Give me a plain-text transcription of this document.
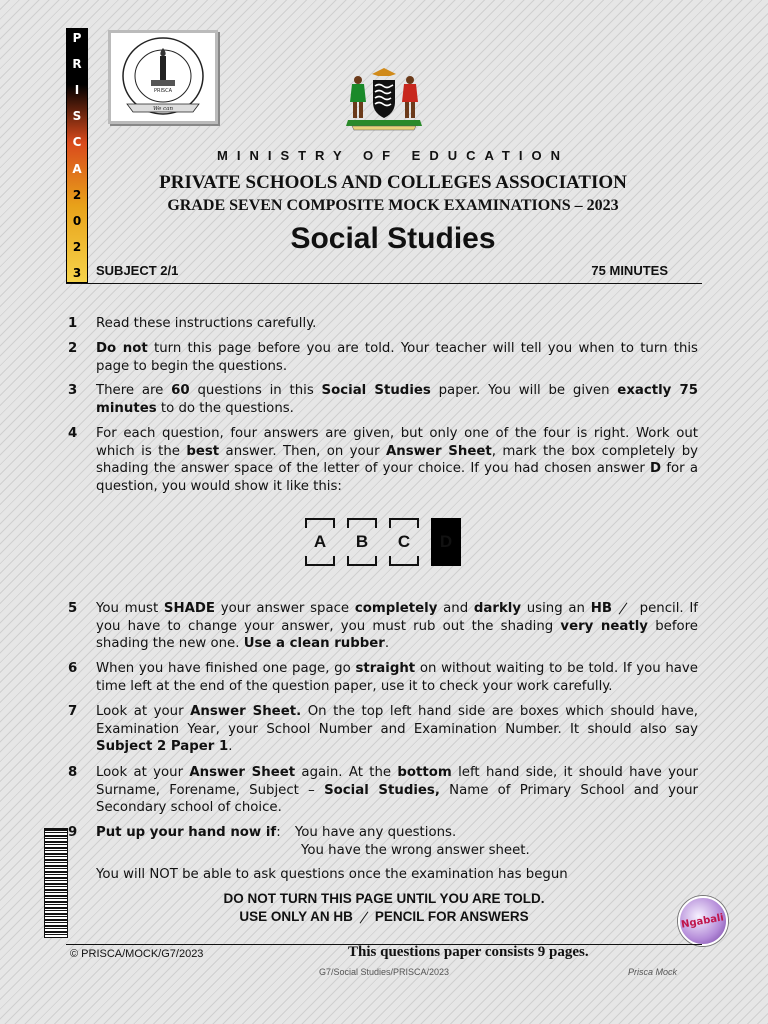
P
R
I
S
C
A
2
0
2
3
PRISCA
We can
MINISTRY OF EDUCATION
PRIVATE SCHOOLS AND COLLEGES ASSOCIATION
GRADE SEVEN COMPOSITE MOCK EXAMINATIONS – 2023
Social Studies
SUBJECT 2/1	75 MINUTES
1	Read these instructions carefully.
2	Do not turn this page before you are told. Your teacher will tell you when to turn this page to begin the questions.
3	There are 60 questions in this Social Studies paper. You will be given exactly 75 minutes to do the questions.
4	For each question, four answers are given, but only one of the four is right. Work out which is the best answer. Then, on your Answer Sheet, mark the box completely by shading the answer space of the letter of your choice. If you had chosen answer D for a question, you would show it like this:
A	B	C	D
5	You must SHADE your answer space completely and darkly using an HB pencil. If you have to change your answer, you must rub out the shading very neatly before shading the new one. Use a clean rubber.
6	When you have finished one page, go straight on without waiting to be told. If you have time left at the end of the question paper, use it to check your work carefully.
7	Look at your Answer Sheet. On the top left hand side are boxes which should have, Examination Year, your School Number and Examination Number. It should also say Subject 2 Paper 1.
8	Look at your Answer Sheet again. At the bottom left hand side, it should have your Surname, Forename, Subject – Social Studies, Name of Primary School and your Secondary school of choice.
9	Put up your hand now if: You have any questions.
You have the wrong answer sheet.
You will NOT be able to ask questions once the examination has begun
DO NOT TURN THIS PAGE UNTIL YOU ARE TOLD.
USE ONLY AN HB PENCIL FOR ANSWERS	Ngabali
© PRISCA/MOCK/G7/2023	This questions paper consists 9 pages.
G7/Social Studies/PRISCA/2023	Prisca Mock
